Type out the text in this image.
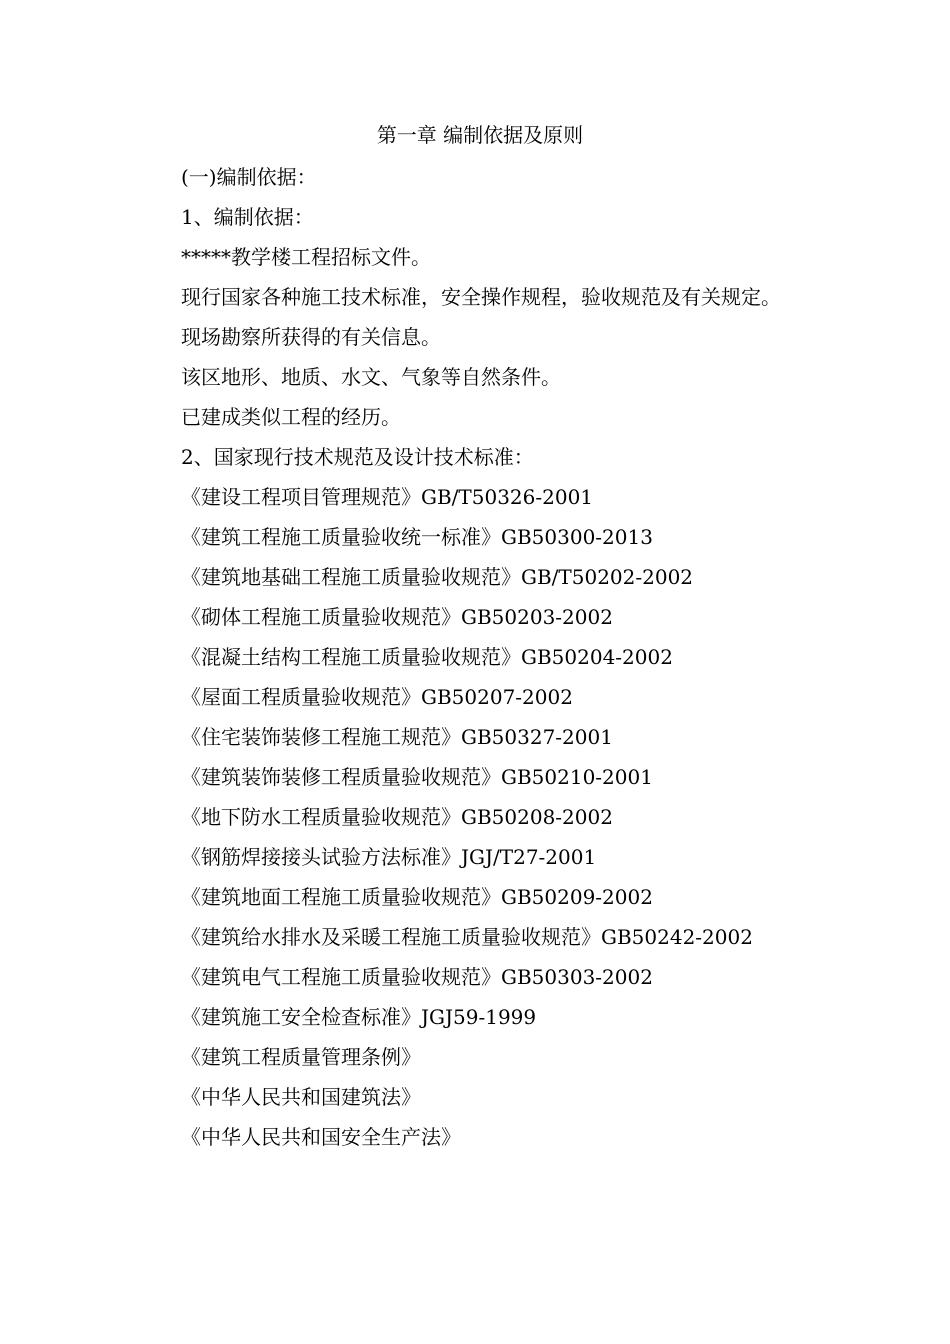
第一章 编制依据及原则
(一)编制依据：
1、编制依据：
*****教学楼工程招标文件。
现行国家各种施工技术标准，安全操作规程，验收规范及有关规定。
现场勘察所获得的有关信息。
该区地形、地质、水文、气象等自然条件。
已建成类似工程的经历。
2、国家现行技术规范及设计技术标准：
《建设工程项目管理规范》GB/T50326-2001
《建筑工程施工质量验收统一标准》GB50300-2013
《建筑地基础工程施工质量验收规范》GB/T50202-2002
《砌体工程施工质量验收规范》GB50203-2002
《混凝土结构工程施工质量验收规范》GB50204-2002
《屋面工程质量验收规范》GB50207-2002
《住宅装饰装修工程施工规范》GB50327-2001
《建筑装饰装修工程质量验收规范》GB50210-2001
《地下防水工程质量验收规范》GB50208-2002
《钢筋焊接接头试验方法标准》JGJ/T27-2001
《建筑地面工程施工质量验收规范》GB50209-2002
《建筑给水排水及采暖工程施工质量验收规范》GB50242-2002
《建筑电气工程施工质量验收规范》GB50303-2002
《建筑施工安全检查标准》JGJ59-1999
《建筑工程质量管理条例》
《中华人民共和国建筑法》
《中华人民共和国安全生产法》
